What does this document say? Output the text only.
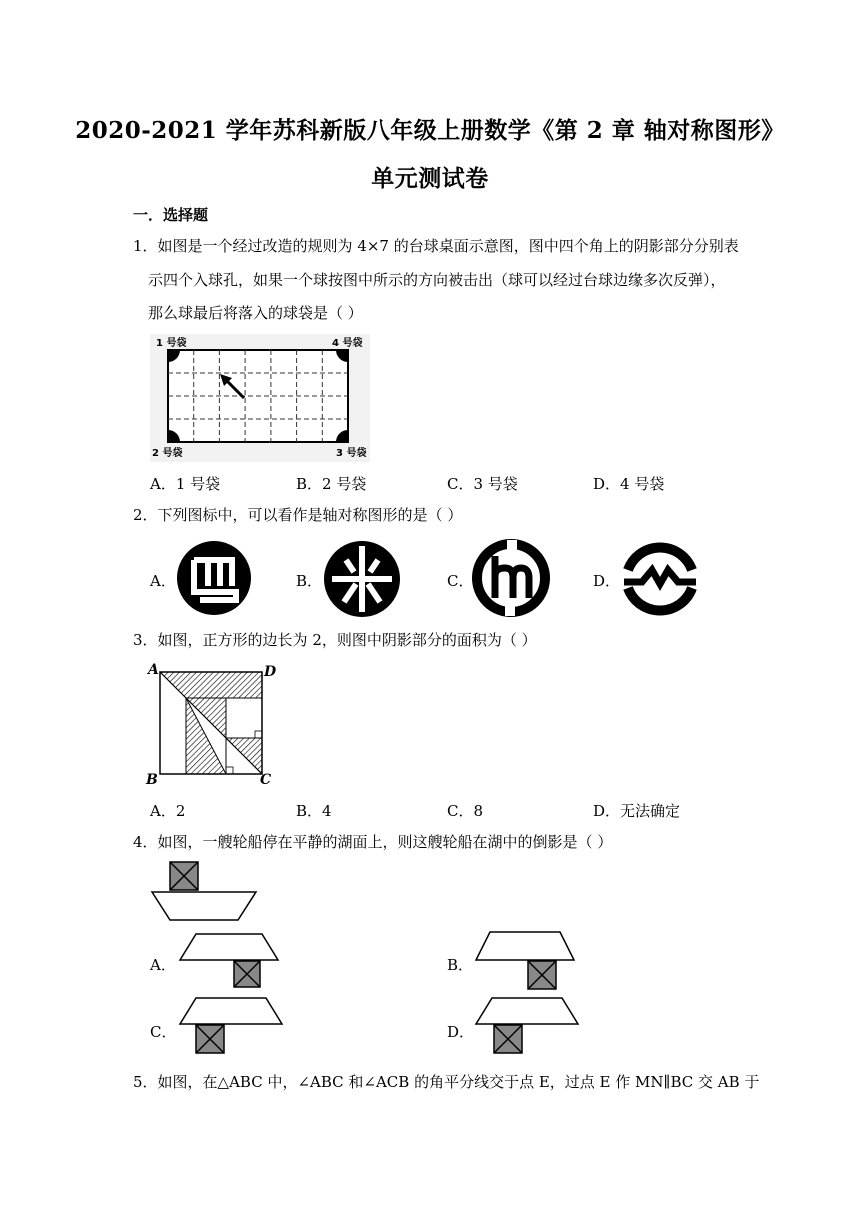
2020-2021 学年苏科新版八年级上册数学《第 2 章 轴对称图形》
单元测试卷
一．选择题
1．如图是一个经过改造的规则为 4×7 的台球桌面示意图，图中四个角上的阴影部分分别表
示四个入球孔，如果一个球按图中所示的方向被击出（球可以经过台球边缘多次反弹），
那么球最后将落入的球袋是（ ）
1 号袋	4 号袋
2 号袋	3 号袋
A．1 号袋	B．2 号袋	C．3 号袋	D．4 号袋
2．下列图标中，可以看作是轴对称图形的是（ ）
A．	B．	C．	D．
3．如图，正方形的边长为 2，则图中阴影部分的面积为（ ）
A	D
B	C
A．2	B．4	C．8	D．无法确定
4．如图，一艘轮船停在平静的湖面上，则这艘轮船在湖中的倒影是（ ）
A．	B．
C．	D．
5．如图，在△ABC 中，∠ABC 和∠ACB 的角平分线交于点 E，过点 E 作 MN∥BC 交 AB 于
